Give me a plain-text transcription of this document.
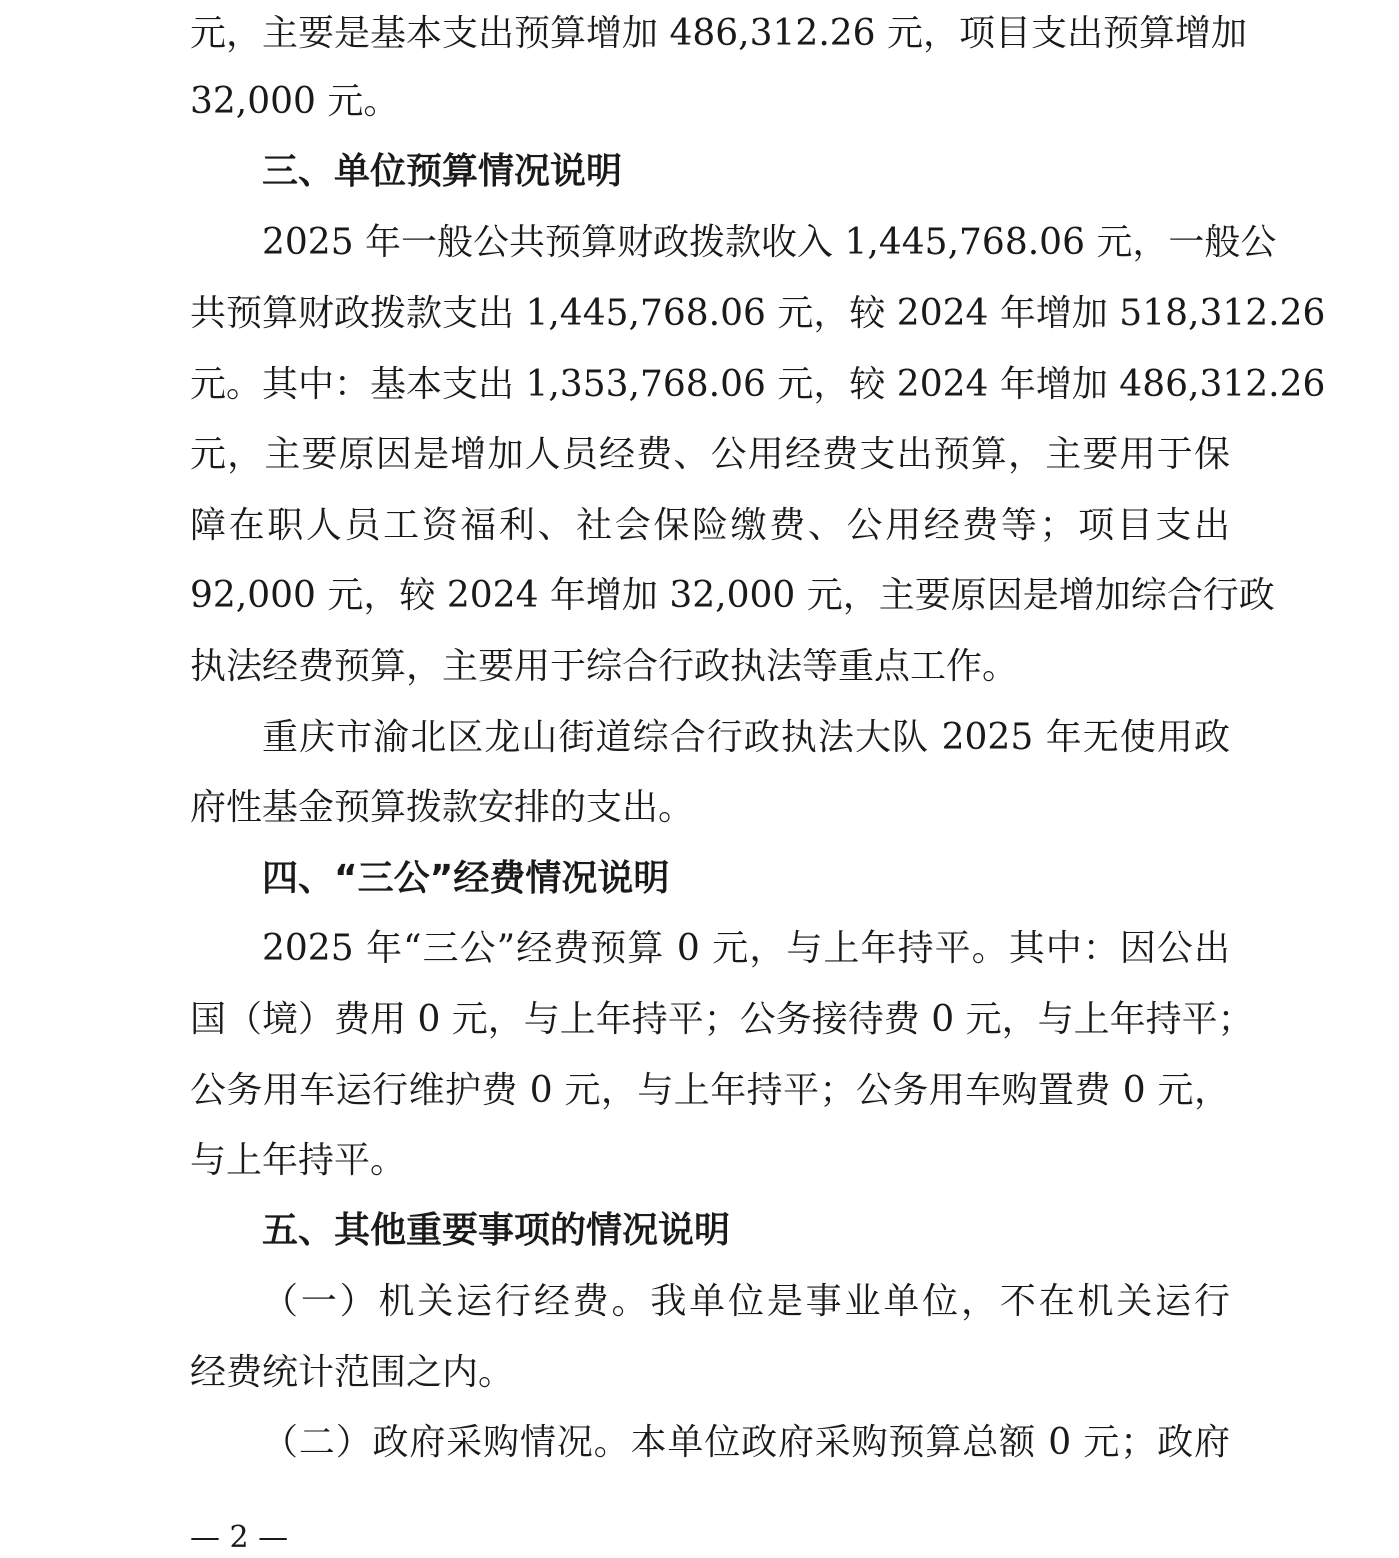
元，主要是基本支出预算增加 486,312.26 元，项目支出预算增加
32,000 元。
三、单位预算情况说明
2025 年一般公共预算财政拨款收入 1,445,768.06 元，一般公
共预算财政拨款支出 1,445,768.06 元，较 2024 年增加 518,312.26
元。其中：基本支出 1,353,768.06 元，较 2024 年增加 486,312.26
元，主要原因是增加人员经费、公用经费支出预算，主要用于保
障在职人员工资福利、社会保险缴费、公用经费等；项目支出
92,000 元，较 2024 年增加 32,000 元，主要原因是增加综合行政
执法经费预算，主要用于综合行政执法等重点工作。
重庆市渝北区龙山街道综合行政执法大队 2025 年无使用政
府性基金预算拨款安排的支出。
四、“三公”经费情况说明
2025 年“三公”经费预算 0 元，与上年持平。其中：因公出
国（境）费用 0 元，与上年持平；公务接待费 0 元，与上年持平；
公务用车运行维护费 0 元，与上年持平；公务用车购置费 0 元，
与上年持平。
五、其他重要事项的情况说明
（一）机关运行经费。我单位是事业单位，不在机关运行
经费统计范围之内。
（二）政府采购情况。本单位政府采购预算总额 0 元；政府
— 2 —
